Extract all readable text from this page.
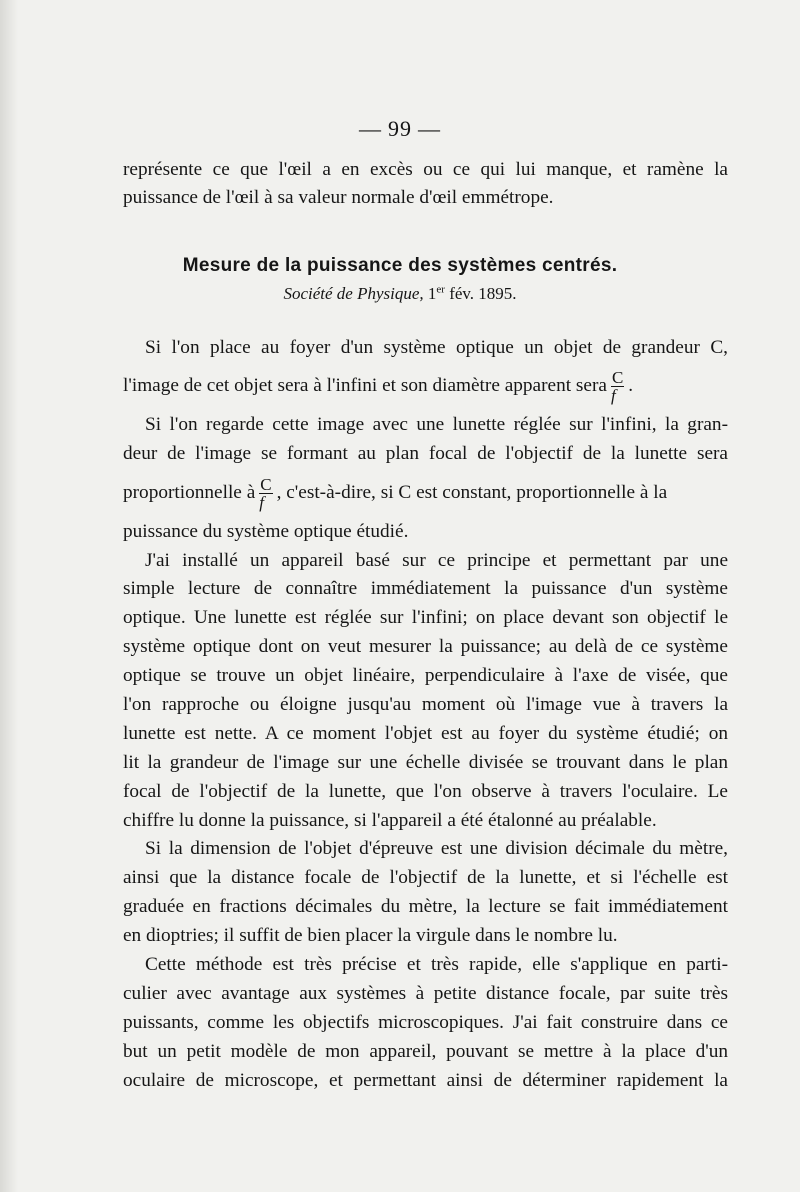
— 99 —
représente ce que l'œil a en excès ou ce qui lui manque, et ramène la
puissance de l'œil à sa valeur normale d'œil emmétrope.
Mesure de la puissance des systèmes centrés.
Société de Physique, 1er fév. 1895.
Si l'on place au foyer d'un système optique un objet de grandeur C,
l'image de cet objet sera à l'infini et son diamètre apparent sera $\frac{C}{f}$ .
Si l'on regarde cette image avec une lunette réglée sur l'infini, la gran-
deur de l'image se formant au plan focal de l'objectif de la lunette sera
proportionnelle à $\frac{C}{f}$ , c'est-à-dire, si C est constant, proportionnelle à la
puissance du système optique étudié.
J'ai installé un appareil basé sur ce principe et permettant par une
simple lecture de connaître immédiatement la puissance d'un système
optique. Une lunette est réglée sur l'infini; on place devant son objectif le
système optique dont on veut mesurer la puissance; au delà de ce système
optique se trouve un objet linéaire, perpendiculaire à l'axe de visée, que
l'on rapproche ou éloigne jusqu'au moment où l'image vue à travers la
lunette est nette. A ce moment l'objet est au foyer du système étudié; on
lit la grandeur de l'image sur une échelle divisée se trouvant dans le plan
focal de l'objectif de la lunette, que l'on observe à travers l'oculaire. Le
chiffre lu donne la puissance, si l'appareil a été étalonné au préalable.
Si la dimension de l'objet d'épreuve est une division décimale du mètre,
ainsi que la distance focale de l'objectif de la lunette, et si l'échelle est
graduée en fractions décimales du mètre, la lecture se fait immédiatement
en dioptries; il suffit de bien placer la virgule dans le nombre lu.
Cette méthode est très précise et très rapide, elle s'applique en parti-
culier avec avantage aux systèmes à petite distance focale, par suite très
puissants, comme les objectifs microscopiques. J'ai fait construire dans ce
but un petit modèle de mon appareil, pouvant se mettre à la place d'un
oculaire de microscope, et permettant ainsi de déterminer rapidement la
